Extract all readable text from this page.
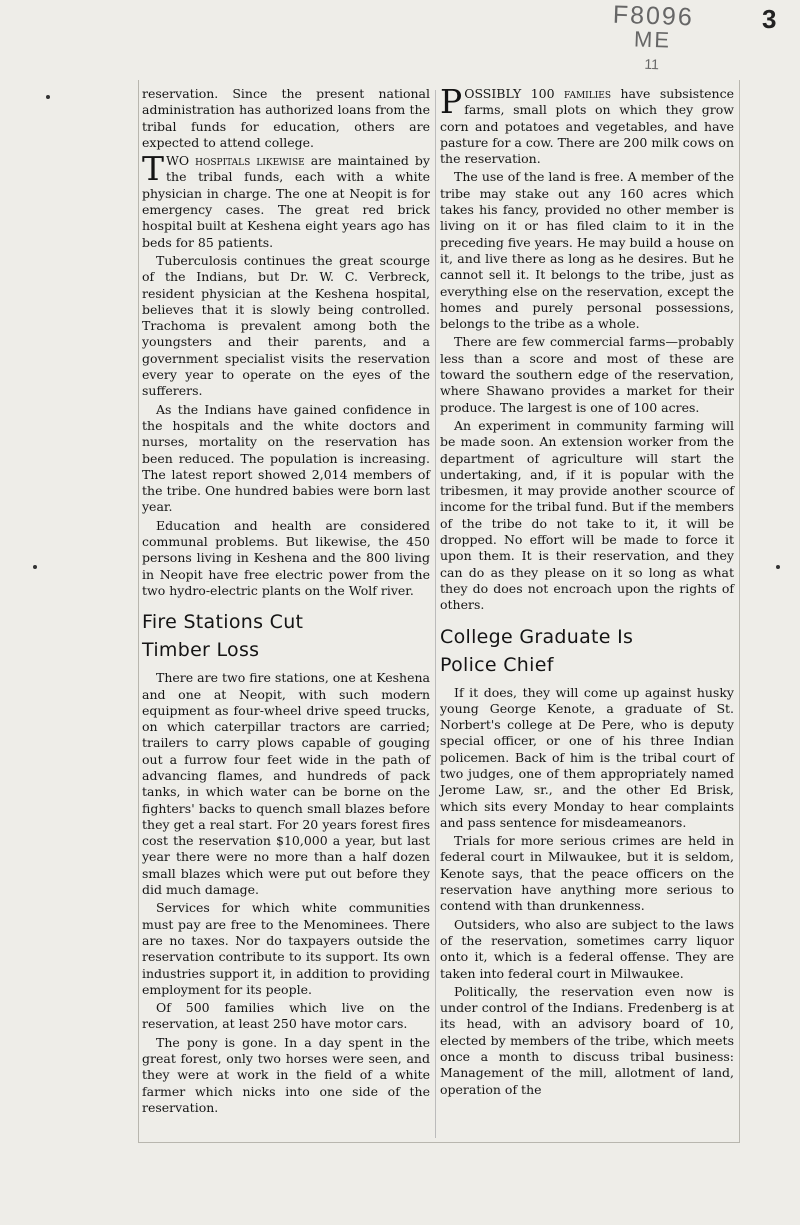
F8096
ME
11
3

reservation. Since the present national administration has authorized loans from the tribal funds for education, others are expected to attend college.

TWO hospitals likewise are maintained by the tribal funds, each with a white physician in charge. The one at Neopit is for emergency cases. The great red brick hospital built at Keshena eight years ago has beds for 85 patients.

Tuberculosis continues the great scourge of the Indians, but Dr. W. C. Verbreck, resident physician at the Keshena hospital, believes that it is slowly being controlled. Trachoma is prevalent among both the youngsters and their parents, and a government specialist visits the reservation every year to operate on the eyes of the sufferers.

As the Indians have gained confidence in the hospitals and the white doctors and nurses, mortality on the reservation has been reduced. The population is increasing. The latest report showed 2,014 members of the tribe. One hundred babies were born last year.

Education and health are considered communal problems. But likewise, the 450 persons living in Keshena and the 800 living in Neopit have free electric power from the two hydro-electric plants on the Wolf river.

Fire Stations Cut
Timber Loss

There are two fire stations, one at Keshena and one at Neopit, with such modern equipment as four-wheel drive speed trucks, on which caterpillar tractors are carried; trailers to carry plows capable of gouging out a furrow four feet wide in the path of advancing flames, and hundreds of pack tanks, in which water can be borne on the fighters' backs to quench small blazes before they get a real start. For 20 years forest fires cost the reservation $10,000 a year, but last year there were no more than a half dozen small blazes which were put out before they did much damage.

Services for which white communities must pay are free to the Menominees. There are no taxes. Nor do taxpayers outside the reservation contribute to its support. Its own industries support it, in addition to providing employment for its people.

Of 500 families which live on the reservation, at least 250 have motor cars.

The pony is gone. In a day spent in the great forest, only two horses were seen, and they were at work in the field of a white farmer which nicks into one side of the reservation.

POSSIBLY 100 families have subsistence farms, small plots on which they grow corn and potatoes and vegetables, and have pasture for a cow. There are 200 milk cows on the reservation.

The use of the land is free. A member of the tribe may stake out any 160 acres which takes his fancy, provided no other member is living on it or has filed claim to it in the preceding five years. He may build a house on it, and live there as long as he desires. But he cannot sell it. It belongs to the tribe, just as everything else on the reservation, except the homes and purely personal possessions, belongs to the tribe as a whole.

There are few commercial farms—probably less than a score and most of these are toward the southern edge of the reservation, where Shawano provides a market for their produce. The largest is one of 100 acres.

An experiment in community farming will be made soon. An extension worker from the department of agriculture will start the undertaking, and, if it is popular with the tribesmen, it may provide another scource of income for the tribal fund. But if the members of the tribe do not take to it, it will be dropped. No effort will be made to force it upon them. It is their reservation, and they can do as they please on it so long as what they do does not encroach upon the rights of others.

College Graduate Is
Police Chief

If it does, they will come up against husky young George Kenote, a graduate of St. Norbert's college at De Pere, who is deputy special officer, or one of his three Indian policemen. Back of him is the tribal court of two judges, one of them appropriately named Jerome Law, sr., and the other Ed Brisk, which sits every Monday to hear complaints and pass sentence for misdeameanors.

Trials for more serious crimes are held in federal court in Milwaukee, but it is seldom, Kenote says, that the peace officers on the reservation have anything more serious to contend with than drunkenness.

Outsiders, who also are subject to the laws of the reservation, sometimes carry liquor onto it, which is a federal offense. They are taken into federal court in Milwaukee.

Politically, the reservation even now is under control of the Indians. Fredenberg is at its head, with an advisory board of 10, elected by members of the tribe, which meets once a month to discuss tribal business: Management of the mill, allotment of land, operation of the
